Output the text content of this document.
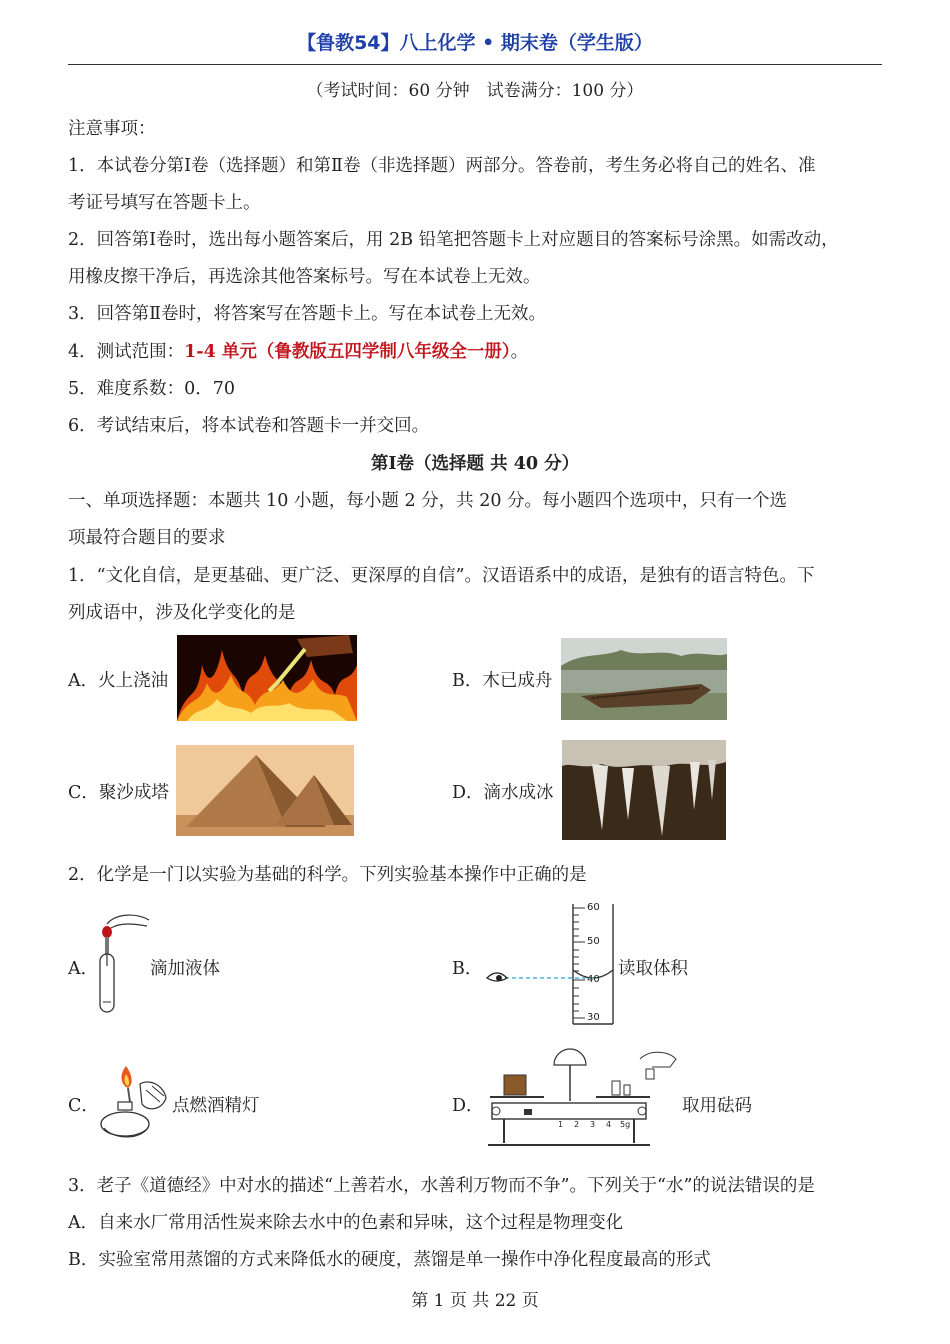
【鲁教54】八上化学 • 期末卷（学生版）
（考试时间：60 分钟　试卷满分：100 分）
注意事项：
1．本试卷分第Ⅰ卷（选择题）和第Ⅱ卷（非选择题）两部分。答卷前，考生务必将自己的姓名、准
考证号填写在答题卡上。
2．回答第Ⅰ卷时，选出每小题答案后，用 2B 铅笔把答题卡上对应题目的答案标号涂黑。如需改动，
用橡皮擦干净后，再选涂其他答案标号。写在本试卷上无效。
3．回答第Ⅱ卷时，将答案写在答题卡上。写在本试卷上无效。
4．测试范围：1-4 单元（鲁教版五四学制八年级全一册）。
5．难度系数：0．70
6．考试结束后，将本试卷和答题卡一并交回。
第Ⅰ卷（选择题 共 40 分）
一、单项选择题：本题共 10 小题，每小题 2 分，共 20 分。每小题四个选项中，只有一个选
项最符合题目的要求
1．“文化自信，是更基础、更广泛、更深厚的自信”。汉语语系中的成语，是独有的语言特色。下
列成语中，涉及化学变化的是
A．火上浇油	B．木已成舟
C．聚沙成塔	D．滴水成冰
2．化学是一门以实验为基础的科学。下列实验基本操作中正确的是
A．	滴加液体	B．
60
50
40
30
读取体积
C．	点燃酒精灯	D．
1 2 3 4 5g
取用砝码
3．老子《道德经》中对水的描述“上善若水，水善利万物而不争”。下列关于“水”的说法错误的是
A．自来水厂常用活性炭来除去水中的色素和异味，这个过程是物理变化
B．实验室常用蒸馏的方式来降低水的硬度，蒸馏是单一操作中净化程度最高的形式
第 1 页 共 22 页
